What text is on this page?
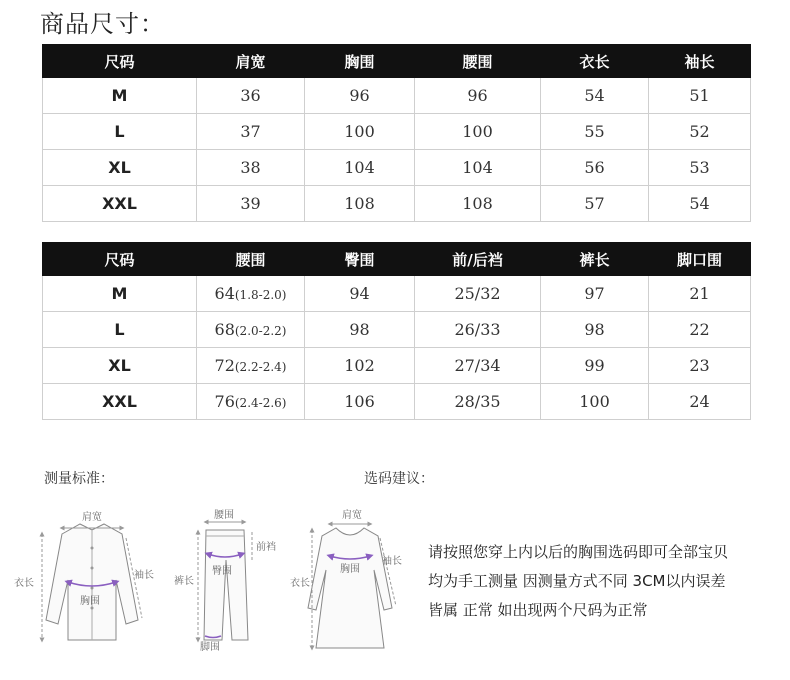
商品尺寸：
尺码	肩宽	胸围	腰围	衣长	袖长
M	36	96	96	54	51
L	37	100	100	55	52
XL	38	104	104	56	53
XXL	39	108	108	57	54
尺码	腰围	臀围	前/后裆	裤长	脚口围
M	64(1.8-2.0)	94	25/32	97	21
L	68(2.0-2.2)	98	26/33	98	22
XL	72(2.2-2.4)	102	27/34	99	23
XXL	76(2.4-2.6)	106	28/35	100	24
测量标准：	选码建议：
肩宽
衣长
袖长
胸围
腰围
前裆
臀围
裤长
脚围
肩宽
衣长
胸围
袖长
请按照您穿上内以后的胸围选码即可全部宝贝
均为手工测量 因测量方式不同 3CM以内误差
皆属 正常 如出现两个尺码为正常
